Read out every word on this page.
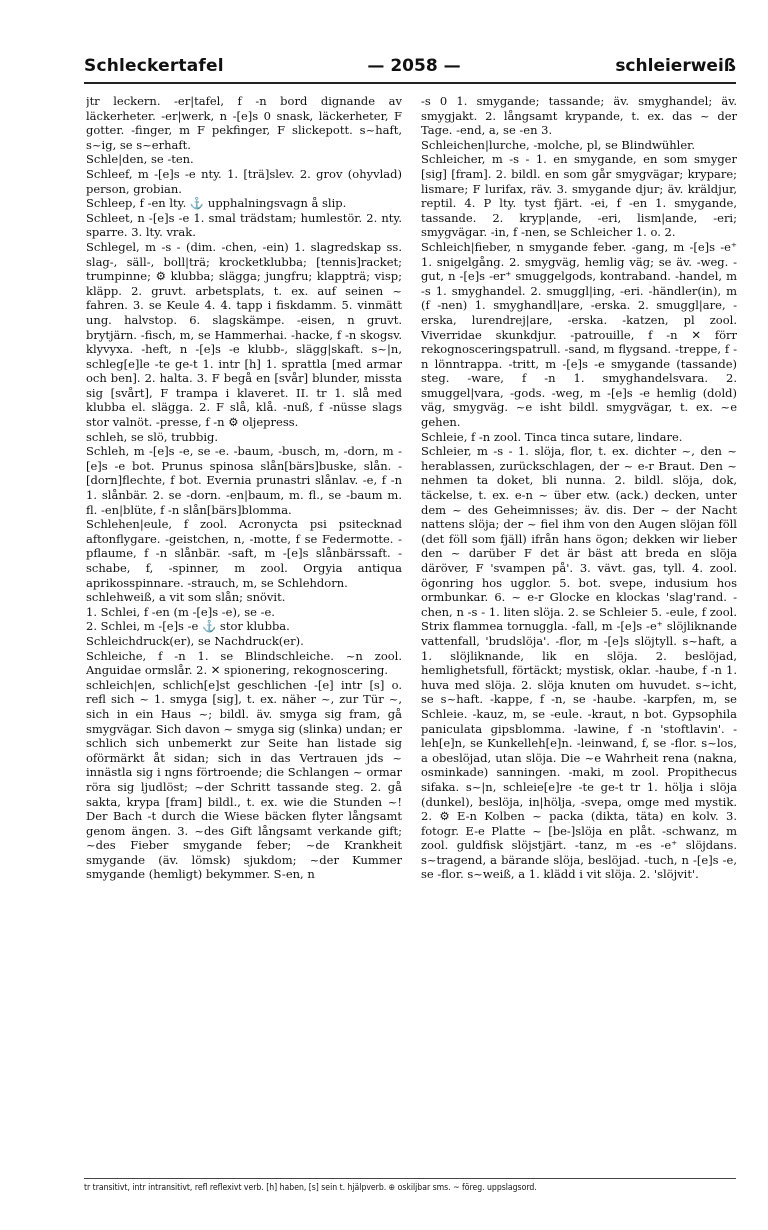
Schleckertafel	— 2058 —	schleierweiß

jtr leckern. -er|tafel, f -n bord dignande av läckerheter. -er|werk, n -[e]s 0 snask, läckerheter, F gotter. -finger, m F pekfinger, F slickepott. s~haft, s~ig, se s~erhaft.

Schle|den, se -ten.

Schleef, m -[e]s -e nty. 1. [trä]slev. 2. grov (ohyvlad) person, grobian.

Schleep, f -en lty. ⚓ upphalningsvagn å slip.

Schleet, n -[e]s -e 1. smal trädstam; humlestör. 2. nty. sparre. 3. lty. vrak.

Schlegel, m -s - (dim. -chen, -ein) 1. slagredskap ss. slag-, säll-, boll|trä; krocketklubba; [tennis]racket; trumpinne; ⚙ klubba; slägga; jungfru; klappträ; visp; kläpp. 2. gruvt. arbetsplats, t. ex. auf seinen ~ fahren. 3. se Keule 4. 4. tapp i fiskdamm. 5. vinmätt ung. halvstop. 6. slagskämpe. -eisen, n gruvt. brytjärn. -fisch, m, se Hammerhai. -hacke, f -n skogsv. klyvyxa. -heft, n -[e]s -e klubb-, slägg|skaft. s~|n, schleg[e]le -te ge-t 1. intr [h] 1. sprattla [med armar och ben]. 2. halta. 3. F begå en [svår] blunder, missta sig [svårt], F trampa i klaveret. II. tr 1. slå med klubba el. slägga. 2. F slå, klå. -nuß, f -nüsse slags stor valnöt. -presse, f -n ⚙ oljepress.

schleh, se slö, trubbig.

Schleh, m -[e]s -e, se -e. -baum, -busch, m, -dorn, m -[e]s -e bot. Prunus spinosa slån[bärs]buske, slån. -[dorn]flechte, f bot. Evernia prunastri slånlav. -e, f -n 1. slånbär. 2. se -dorn. -en|baum, m. fl., se -baum m. fl. -en|blüte, f -n slån[bärs]blomma.

Schlehen|eule, f zool. Acronycta psi psitecknad aftonflygare. -geistchen, n, -motte, f se Federmotte. -pflaume, f -n slånbär. -saft, m -[e]s slånbärssaft. -schabe, f, -spinner, m zool. Orgyia antiqua aprikosspinnare. -strauch, m, se Schlehdorn.

schlehweiß, a vit som slån; snövit.

1. Schlei, f -en (m -[e]s -e), se -e.

2. Schlei, m -[e]s -e ⚓ stor klubba.

Schleichdruck(er), se Nachdruck(er).

Schleiche, f -n 1. se Blindschleiche. ~n zool. Anguidae ormslår. 2. ✕ spionering, rekognoscering.

schleich|en, schlich[e]st geschlichen -[e] intr [s] o. refl sich ~ 1. smyga [sig], t. ex. näher ~, zur Tür ~, sich in ein Haus ~; bildl. äv. smyga sig fram, gå smygvägar. Sich davon ~ smyga sig (slinka) undan; er schlich sich unbemerkt zur Seite han listade sig oförmärkt åt sidan; sich in das Vertrauen jds ~ innästla sig i ngns förtroende; die Schlangen ~ ormar röra sig ljudlöst; ~der Schritt tassande steg. 2. gå sakta, krypa [fram] bildl., t. ex. wie die Stunden ~! Der Bach -t durch die Wiese bäcken flyter långsamt genom ängen. 3. ~des Gift långsamt verkande gift; ~des Fieber smygande feber; ~de Krankheit smygande (äv. lömsk) sjukdom; ~der Kummer smygande (hemligt) bekymmer. S-en, n

-s 0 1. smygande; tassande; äv. smyghandel; äv. smygjakt. 2. långsamt krypande, t. ex. das ~ der Tage. -end, a, se -en 3.

Schleichen|lurche, -molche, pl, se Blindwühler.

Schleicher, m -s - 1. en smygande, en som smyger [sig] [fram]. 2. bildl. en som går smygvägar; krypare; lismare; F lurifax, räv. 3. smygande djur; äv. kräldjur, reptil. 4. P lty. tyst fjärt. -ei, f -en 1. smygande, tassande. 2. kryp|ande, -eri, lism|ande, -eri; smygvägar. -in, f -nen, se Schleicher 1. o. 2.

Schleich|fieber, n smygande feber. -gang, m -[e]s -e⁺ 1. snigelgång. 2. smygväg, hemlig väg; se äv. -weg. -gut, n -[e]s -er⁺ smuggelgods, kontraband. -handel, m -s 1. smyghandel. 2. smuggl|ing, -eri. -händler(in), m (f -nen) 1. smyghandl|are, -erska. 2. smuggl|are, -erska, lurendrej|are, -erska. -katzen, pl zool. Viverridae skunkdjur. -patrouille, f -n ✕ förr rekognosceringspatrull. -sand, m flygsand. -treppe, f -n lönntrappa. -tritt, m -[e]s -e smygande (tassande) steg. -ware, f -n 1. smyghandelsvara. 2. smuggel|vara, -gods. -weg, m -[e]s -e hemlig (dold) väg, smygväg. ~e isht bildl. smygvägar, t. ex. ~e gehen.

Schleie, f -n zool. Tinca tinca sutare, lindare.

Schleier, m -s - 1. slöja, flor, t. ex. dichter ~, den ~ herablassen, zurückschlagen, der ~ e-r Braut. Den ~ nehmen ta doket, bli nunna. 2. bildl. slöja, dok, täckelse, t. ex. e-n ~ über etw. (ack.) decken, unter dem ~ des Geheimnisses; äv. dis. Der ~ der Nacht nattens slöja; der ~ fiel ihm von den Augen slöjan föll (det föll som fjäll) ifrån hans ögon; dekken wir lieber den ~ darüber F det är bäst att breda en slöja däröver, F 'svampen på'. 3. vävt. gas, tyll. 4. zool. ögonring hos ugglor. 5. bot. svepe, indusium hos ormbunkar. 6. ~ e-r Glocke en klockas 'slag'rand. -chen, n -s - 1. liten slöja. 2. se Schleier 5. -eule, f zool. Strix flammea tornuggla. -fall, m -[e]s -e⁺ slöjliknande vattenfall, 'brudslöja'. -flor, m -[e]s slöjtyll. s~haft, a 1. slöjliknande, lik en slöja. 2. beslöjad, hemlighetsfull, förtäckt; mystisk, oklar. -haube, f -n 1. huva med slöja. 2. slöja knuten om huvudet. s~icht, se s~haft. -kappe, f -n, se -haube. -karpfen, m, se Schleie. -kauz, m, se -eule. -kraut, n bot. Gypsophila paniculata gipsblomma. -lawine, f -n 'stoftlavin'. -leh[e]n, se Kunkelleh[e]n. -leinwand, f, se -flor. s~los, a obeslöjad, utan slöja. Die ~e Wahrheit rena (nakna, osminkade) sanningen. -maki, m zool. Propithecus sifaka. s~|n, schleie[e]re -te ge-t tr 1. hölja i slöja (dunkel), beslöja, in|hölja, -svepa, omge med mystik. 2. ⚙ E-n Kolben ~ packa (dikta, täta) en kolv. 3. fotogr. E-e Platte ~ [be-]slöja en plåt. -schwanz, m zool. guldfisk slöjstjärt. -tanz, m -es -e⁺ slöjdans. s~tragend, a bärande slöja, beslöjad. -tuch, n -[e]s -e, se -flor. s~weiß, a 1. klädd i vit slöja. 2. 'slöjvit'.

tr transitivt, intr intransitivt, refl reflexivt verb. [h] haben, [s] sein t. hjälpverb. ⊕ oskiljbar sms. ~ föreg. uppslagsord.
